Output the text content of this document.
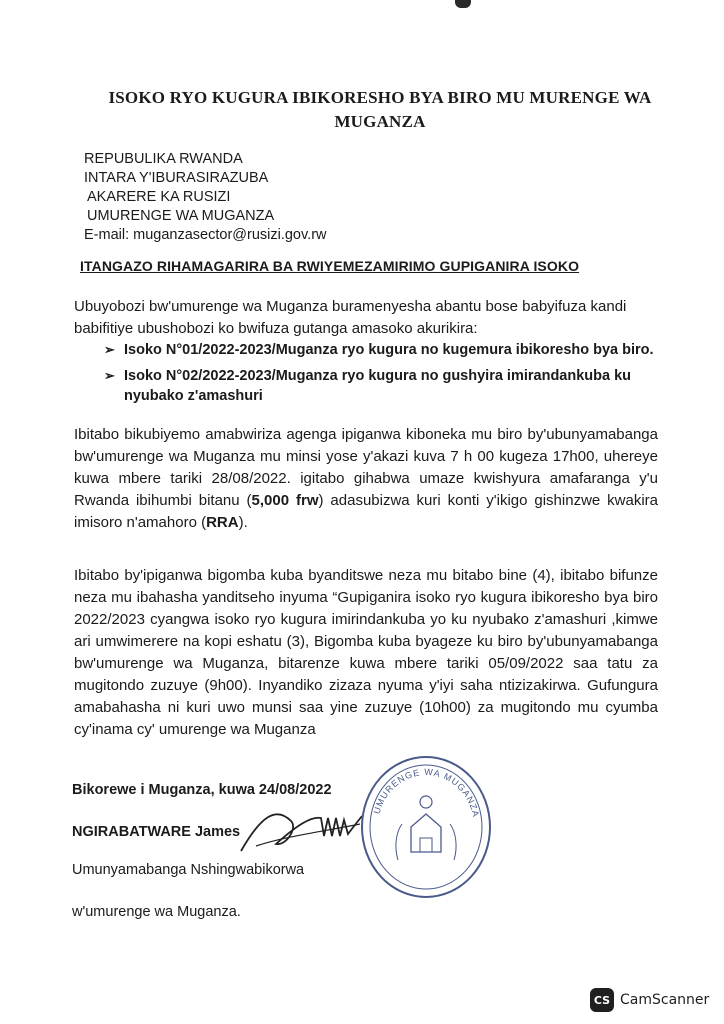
ISOKO RYO KUGURA IBIKORESHO BYA BIRO MU MURENGE WA MUGANZA
REPUBULIKA RWANDA
INTARA Y'IBURASIRAZUBA
AKARERE KA RUSIZI
UMURENGE WA MUGANZA
E-mail: muganzasector@rusizi.gov.rw
ITANGAZO RIHAMAGARIRA BA RWIYEMEZAMIRIMO GUPIGANIRA ISOKO
Ubuyobozi bw'umurenge wa Muganza buramenyesha abantu bose babyifuza kandi babifitiye ubushobozi ko bwifuza gutanga amasoko akurikira:
➢ Isoko N°01/2022-2023/Muganza ryo kugura no kugemura ibikoresho bya biro.
➢ Isoko N°02/2022-2023/Muganza ryo kugura no gushyira imirandankuba ku nyubako z'amashuri
Ibitabo bikubiyemo amabwiriza agenga ipiganwa kiboneka mu biro by'ubunyamabanga bw'umurenge wa Muganza mu minsi yose y'akazi kuva 7 h 00 kugeza 17h00, uhereye kuwa mbere tariki 28/08/2022. igitabo gihabwa umaze kwishyura amafaranga y'u Rwanda ibihumbi bitanu (5,000 frw) adasubizwa kuri konti y'ikigo gishinzwe kwakira imisoro n'amahoro (RRA).
Ibitabo by'ipiganwa bigomba kuba byanditswe neza mu bitabo bine (4), ibitabo bifunze neza mu ibahasha yanditseho inyuma “Gupiganira isoko ryo kugura ibikoresho bya biro 2022/2023 cyangwa isoko ryo kugura imirindankuba yo ku nyubako z'amashuri ,kimwe ari umwimerere na kopi eshatu (3), Bigomba kuba byageze ku biro by'ubunyamabanga bw'umurenge wa Muganza, bitarenze kuwa mbere tariki 05/09/2022 saa tatu za mugitondo zuzuye (9h00). Inyandiko zizaza nyuma y'iyi saha ntizizakirwa. Gufungura amabahasha ni kuri uwo munsi saa yine zuzuye (10h00) za mugitondo mu cyumba cy'inama cy' umurenge wa Muganza
Bikorewe i Muganza, kuwa 24/08/2022
NGIRABATWARE James
Umunyamabanga Nshingwabikorwa
w'umurenge wa Muganza.
UMURENGE WA MUGANZA
CS CamScanner
